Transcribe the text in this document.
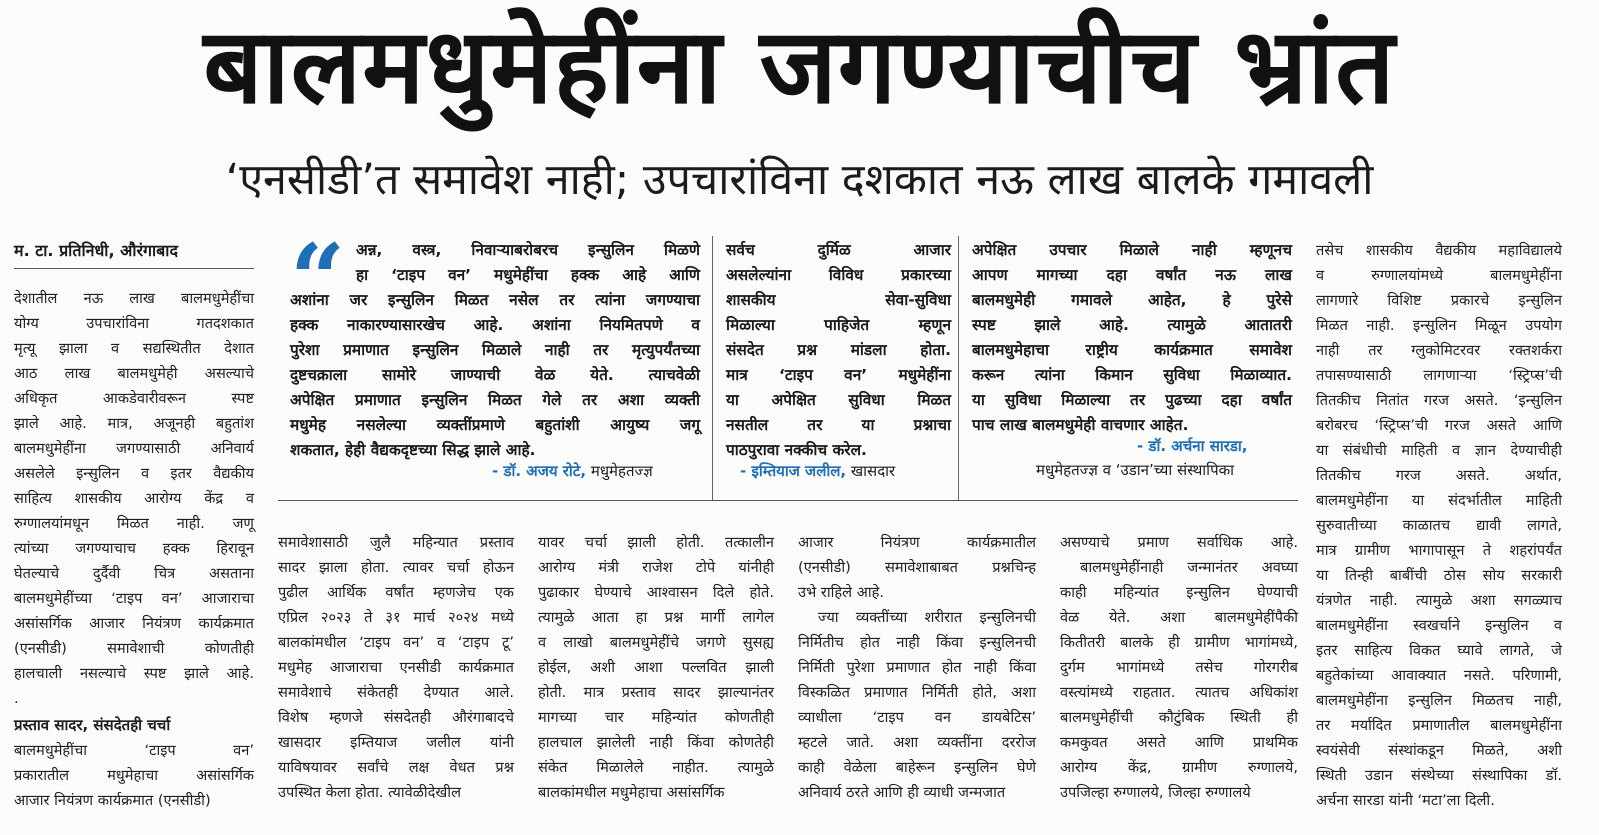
बालमधुमेहींना जगण्याचीच भ्रांत
‘एनसीडी’त समावेश नाही; उपचारांविना दशकात नऊ लाख बालके गमावली
म. टा. प्रतिनिधी, औरंगाबाद

देशातील नऊ लाख बालमधुमेहींचा

योग्य उपचारांविना गतदशकात

मृत्यू झाला व सद्यस्थितीत देशात

आठ लाख बालमधुमेही असल्याचे

अधिकृत आकडेवारीवरून स्पष्ट

झाले आहे. मात्र, अजूनही बहुतांश

बालमधुमेहींना जगण्यासाठी अनिवार्य

असलेले इन्सुलिन व इतर वैद्यकीय

साहित्य शासकीय आरोग्य केंद्र व

रुग्णालयांमधून मिळत नाही. जणू

त्यांच्या जगण्याचाच हक्क हिरावून

घेतल्याचे दुर्दैवी चित्र असताना

बालमधुमेहींच्या ‘टाइप वन’ आजाराचा

असांसर्गिक आजार नियंत्रण कार्यक्रमात

(एनसीडी) समावेशाची कोणतीही

हालचाली नसल्याचे स्पष्ट झाले आहे.

.

प्रस्ताव सादर, संसदेतही चर्चा

बालमधुमेहींचा ‘टाइप वन’

प्रकारातील मधुमेहाचा असांसर्गिक

आजार नियंत्रण कार्यक्रमात (एनसीडी)

“ अन्न, वस्त्र, निवाऱ्याबरोबरच इन्सुलिन मिळणे

हा ‘टाइप वन’ मधुमेहींचा हक्क आहे आणि

अशांना जर इन्सुलिन मिळत नसेल तर त्यांना जगण्याचा

हक्क नाकारण्यासारखेच आहे. अशांना नियमितपणे व

पुरेशा प्रमाणात इन्सुलिन मिळाले नाही तर मृत्युपर्यंतच्या

दुष्टचक्राला सामोरे जाण्याची वेळ येते. त्याचवेळी

अपेक्षित प्रमाणात इन्सुलिन मिळत गेले तर अशा व्यक्ती

मधुमेह नसलेल्या व्यक्तींप्रमाणे बहुतांशी आयुष्य जगू

शकतात, हेही वैद्यकदृष्टच्या सिद्ध झाले आहे.

- डॉ. अजय रोटे, मधुमेहतज्ज्ञ

सर्वच दुर्मिळ आजार

असलेल्यांना विविध प्रकारच्या

शासकीय सेवा-सुविधा

मिळाल्या पाहिजेत म्हणून

संसदेत प्रश्न मांडला होता.

मात्र ‘टाइप वन’ मधुमेहींना

या अपेक्षित सुविधा मिळत

नसतील तर या प्रश्नाचा

पाठपुरावा नक्कीच करेल.

- इम्तियाज जलील, खासदार

अपेक्षित उपचार मिळाले नाही म्हणूनच

आपण मागच्या दहा वर्षांत नऊ लाख

बालमधुमेही गमावले आहेत, हे पुरेसे

स्पष्ट झाले आहे. त्यामुळे आतातरी

बालमधुमेहाचा राष्ट्रीय कार्यक्रमात समावेश

करून त्यांना किमान सुविधा मिळाव्यात.

या सुविधा मिळाल्या तर पुढच्या दहा वर्षांत

पाच लाख बालमधुमेही वाचणार आहेत.

- डॉ. अर्चना सारडा,
मधुमेहतज्ज्ञ व ‘उडान’च्या संस्थापिका

समावेशासाठी जुलै महिन्यात प्रस्ताव

सादर झाला होता. त्यावर चर्चा होऊन

पुढील आर्थिक वर्षांत म्हणजेच एक

एप्रिल २०२३ ते ३१ मार्च २०२४ मध्ये

बालकांमधील ‘टाइप वन’ व ‘टाइप टू’

मधुमेह आजाराचा एनसीडी कार्यक्रमात

समावेशाचे संकेतही देण्यात आले.

विशेष म्हणजे संसदेतही औरंगाबादचे

खासदार इम्तियाज जलील यांनी

याविषयावर सर्वांचे लक्ष वेधत प्रश्न

उपस्थित केला होता. त्यावेळीदेखील

यावर चर्चा झाली होती. तत्कालीन

आरोग्य मंत्री राजेश टोपे यांनीही

पुढाकार घेण्याचे आश्वासन दिले होते.

त्यामुळे आता हा प्रश्न मार्गी लागेल

व लाखो बालमधुमेहींचे जगणे सुसह्य

होईल, अशी आशा पल्लवित झाली

होती. मात्र प्रस्ताव सादर झाल्यानंतर

मागच्या चार महिन्यांत कोणतीही

हालचाल झालेली नाही किंवा कोणतेही

संकेत मिळालेले नाहीत. त्यामुळे

बालकांमधील मधुमेहाचा असांसर्गिक

आजार नियंत्रण कार्यक्रमातील

(एनसीडी) समावेशाबाबत प्रश्नचिन्ह

उभे राहिले आहे.

ज्या व्यक्तींच्या शरीरात इन्सुलिनची

निर्मितीच होत नाही किंवा इन्सुलिनची

निर्मिती पुरेशा प्रमाणात होत नाही किंवा

विस्कळित प्रमाणात निर्मिती होते, अशा

व्याधीला ‘टाइप वन डायबेटिस’

म्हटले जाते. अशा व्यक्तींना दररोज

काही वेळेला बाहेरून इन्सुलिन घेणे

अनिवार्य ठरते आणि ही व्याधी जन्मजात

असण्याचे प्रमाण सर्वाधिक आहे.

बालमधुमेहींनाही जन्मानंतर अवघ्या

काही महिन्यांत इन्सुलिन घेण्याची

वेळ येते. अशा बालमधुमेहींपैकी

कितीतरी बालके ही ग्रामीण भागांमध्ये,

दुर्गम भागांमध्ये तसेच गोरगरीब

वस्त्यांमध्ये राहतात. त्यातच अधिकांश

बालमधुमेहींची कौटुंबिक स्थिती ही

कमकुवत असते आणि प्राथमिक

आरोग्य केंद्र, ग्रामीण रुग्णालये,

उपजिल्हा रुग्णालये, जिल्हा रुग्णालये

तसेच शासकीय वैद्यकीय महाविद्यालये

व रुग्णालयांमध्ये बालमधुमेहींना

लागणारे विशिष्ट प्रकारचे इन्सुलिन

मिळत नाही. इन्सुलिन मिळून उपयोग

नाही तर ग्लुकोमिटरवर रक्तशर्करा

तपासण्यासाठी लागणाऱ्या ‘स्ट्रिप्स’ची

तितकीच नितांत गरज असते. ‘इन्सुलिन

बरोबरच ‘स्ट्रिप्स’ची गरज असते आणि

या संबंधीची माहिती व ज्ञान देण्याचीही

तितकीच गरज असते. अर्थात,

बालमधुमेहींना या संदर्भातील माहिती

सुरुवातीच्या काळातच द्यावी लागते,

मात्र ग्रामीण भागापासून ते शहरांपर्यंत

या तिन्ही बाबींची ठोस सोय सरकारी

यंत्रणेत नाही. त्यामुळे अशा सगळ्याच

बालमधुमेहींना स्वखर्चाने इन्सुलिन व

इतर साहित्य विकत घ्यावे लागते, जे

बहुतेकांच्या आवाक्यात नसते. परिणामी,

बालमधुमेहींना इन्सुलिन मिळतच नाही,

तर मर्यादित प्रमाणातील बालमधुमेहींना

स्वयंसेवी संस्थांकडून मिळते, अशी

स्थिती उडान संस्थेच्या संस्थापिका डॉ.

अर्चना सारडा यांनी ‘मटा’ला दिली.
